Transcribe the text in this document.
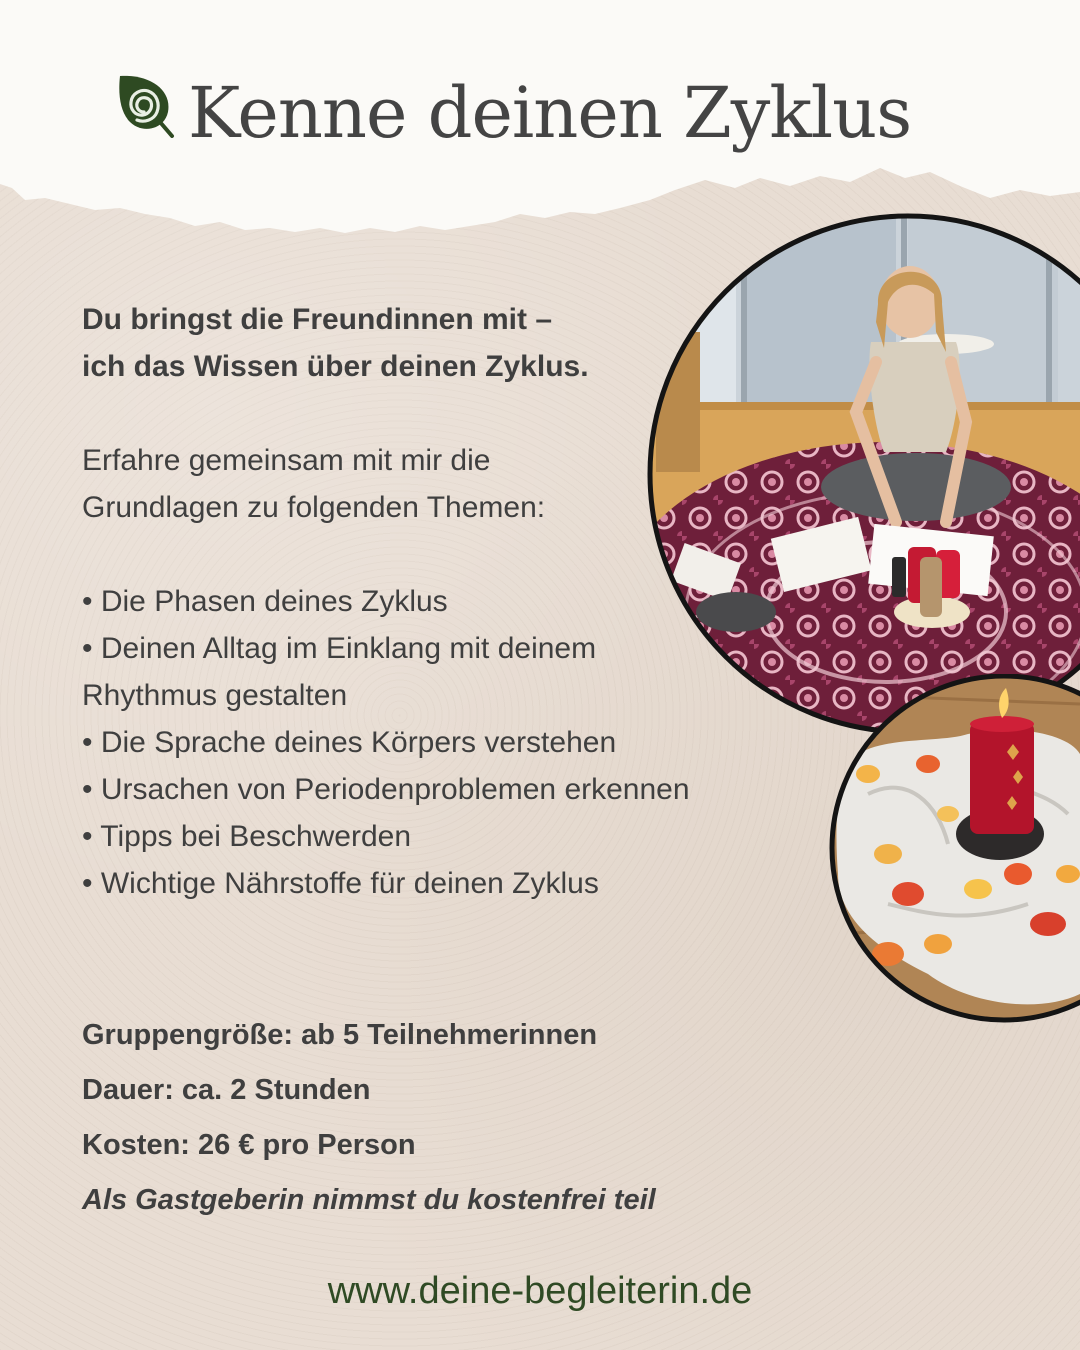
Kenne deinen Zyklus

Du bringst die Freundinnen mit –
ich das Wissen über deinen Zyklus.

Erfahre gemeinsam mit mir die
Grundlagen zu folgenden Themen:

• Die Phasen deines Zyklus
• Deinen Alltag im Einklang mit deinem Rhythmus gestalten
• Die Sprache deines Körpers verstehen
• Ursachen von Periodenproblemen erkennen
• Tipps bei Beschwerden
• Wichtige Nährstoffe für deinen Zyklus

Gruppengröße: ab 5 Teilnehmerinnen

Dauer: ca. 2 Stunden

Kosten: 26 € pro Person

Als Gastgeberin nimmst du kostenfrei teil

www.deine-begleiterin.de
